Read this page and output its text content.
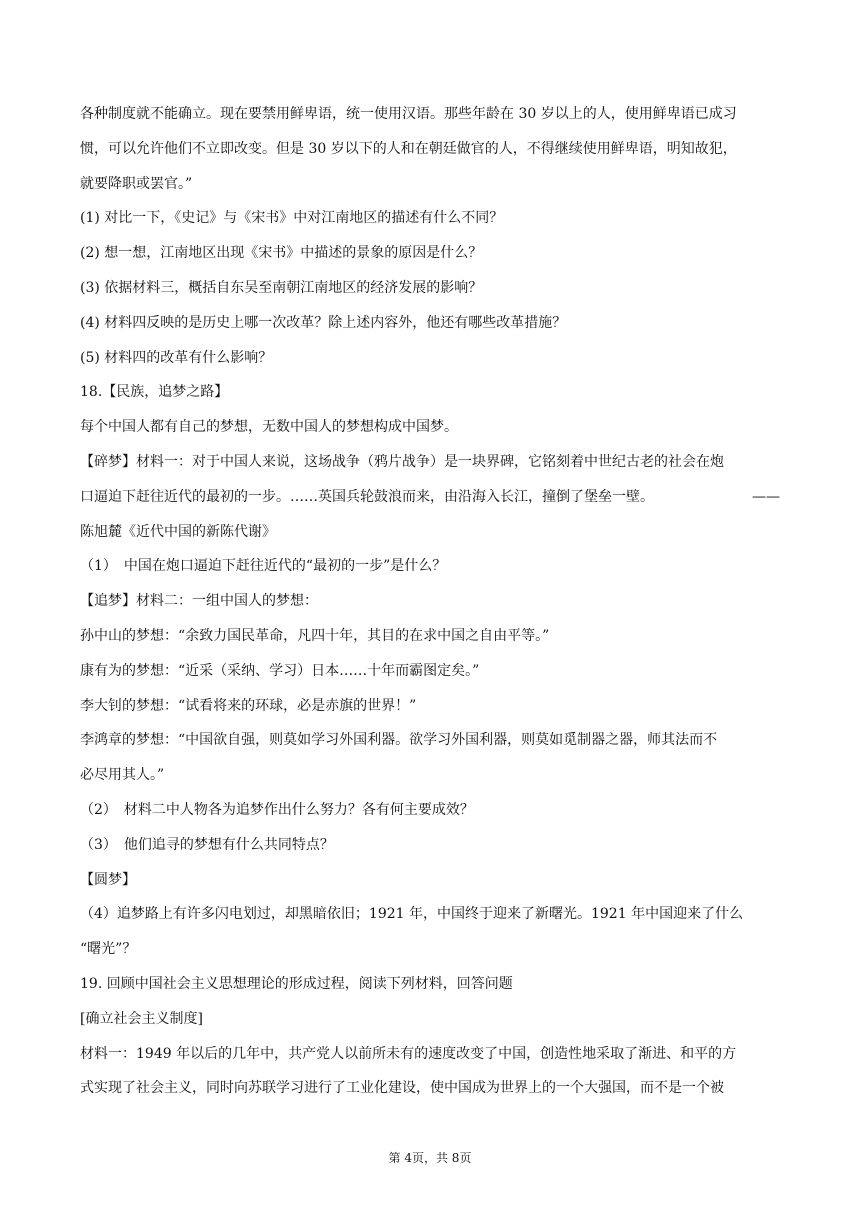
各种制度就不能确立。现在要禁用鲜卑语，统一使用汉语。那些年龄在 30 岁以上的人，使用鲜卑语已成习
惯，可以允许他们不立即改变。但是 30 岁以下的人和在朝廷做官的人，不得继续使用鲜卑语，明知故犯，
就要降职或罢官。”
(1) 对比一下，《史记》与《宋书》中对江南地区的描述有什么不同？
(2) 想一想，江南地区出现《宋书》中描述的景象的原因是什么？
(3) 依据材料三，概括自东吴至南朝江南地区的经济发展的影响？
(4) 材料四反映的是历史上哪一次改革？除上述内容外，他还有哪些改革措施？
(5) 材料四的改革有什么影响？
18.【民族，追梦之路】
每个中国人都有自己的梦想，无数中国人的梦想构成中国梦。
【碎梦】材料一：对于中国人来说，这场战争（鸦片战争）是一块界碑，它铭刻着中世纪古老的社会在炮
口逼迫下赶往近代的最初的一步。……英国兵轮鼓浪而来，由沿海入长江，撞倒了堡垒一壁。	——
陈旭麓《近代中国的新陈代谢》
（1）　中国在炮口逼迫下赶往近代的“最初的一步”是什么？
【追梦】材料二：一组中国人的梦想：
孙中山的梦想：“余致力国民革命，凡四十年，其目的在求中国之自由平等。”
康有为的梦想：“近采（采纳、学习）日本……十年而霸图定矣。”
李大钊的梦想：“试看将来的环球，必是赤旗的世界！”
李鸿章的梦想：“中国欲自强，则莫如学习外国利器。欲学习外国利器，则莫如觅制器之器，师其法而不
必尽用其人。”
（2）　材料二中人物各为追梦作出什么努力？各有何主要成效？
（3）　他们追寻的梦想有什么共同特点？
【圆梦】
（4）追梦路上有许多闪电划过，却黑暗依旧；1921 年，中国终于迎来了新曙光。1921 年中国迎来了什么
“曙光”？
19. 回顾中国社会主义思想理论的形成过程，阅读下列材料，回答问题
[确立社会主义制度]
材料一：1949 年以后的几年中，共产党人以前所未有的速度改变了中国，创造性地采取了渐进、和平的方
式实现了社会主义，同时向苏联学习进行了工业化建设，使中国成为世界上的一个大强国，而不是一个被
第 4页，共 8页
